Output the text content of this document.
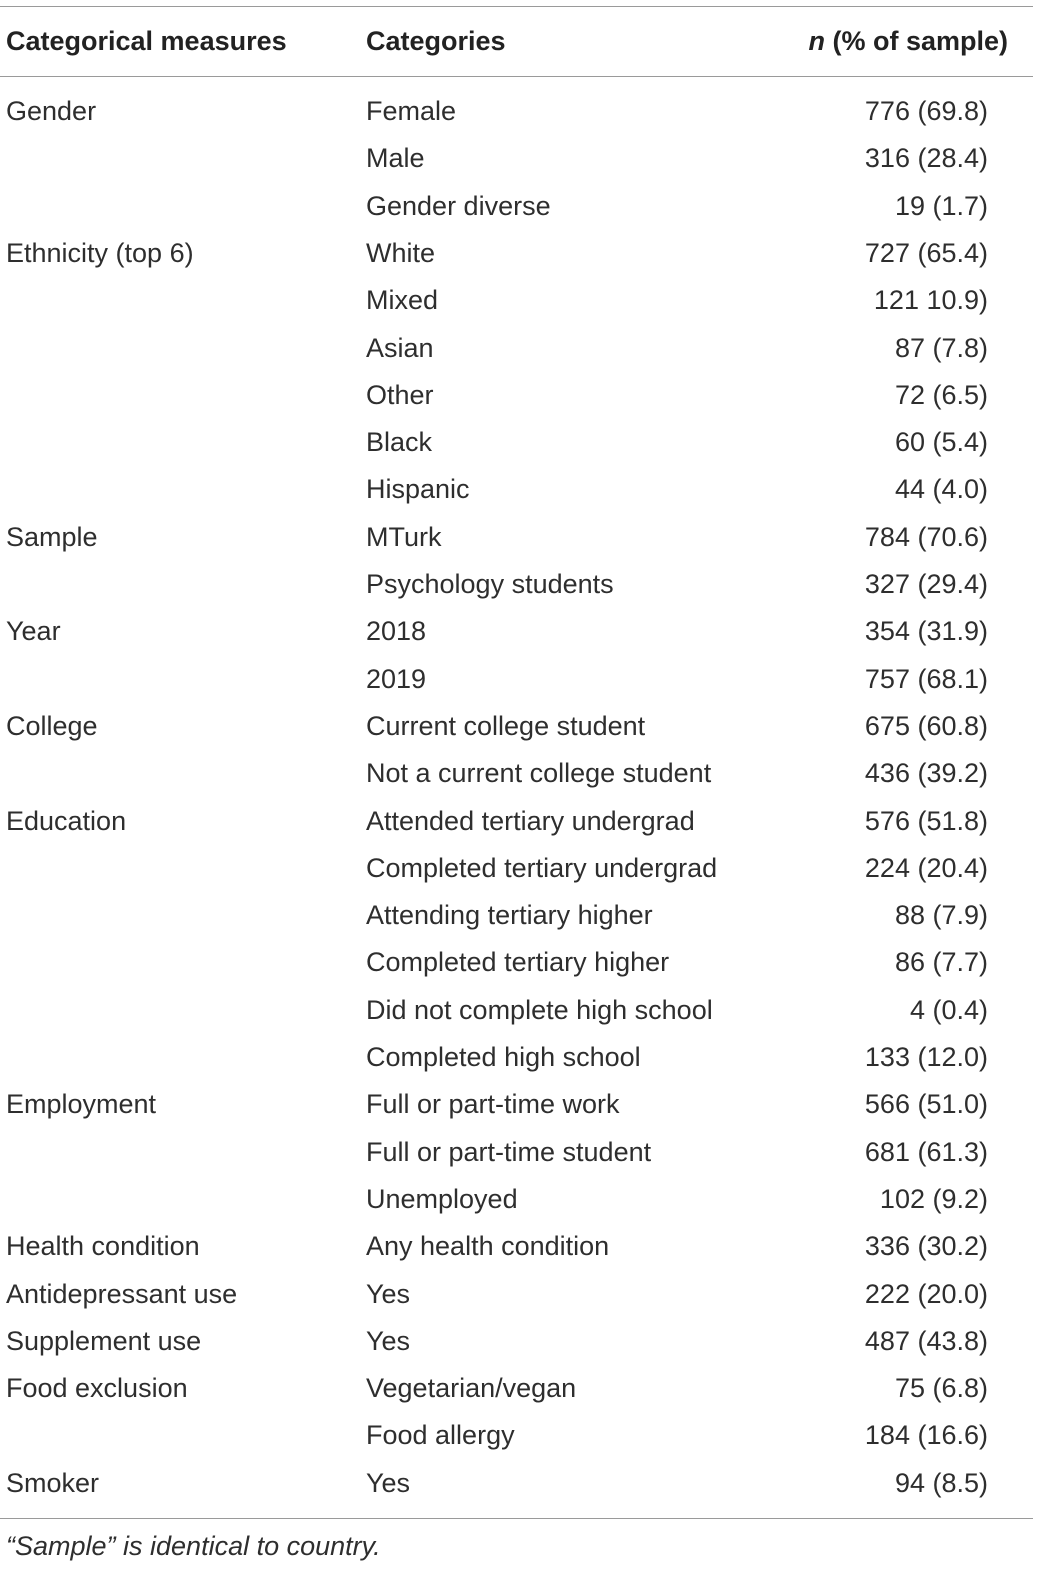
Categorical measures	Categories	n (% of sample)
Gender	Female	776 (69.8)
Male	316 (28.4)
Gender diverse	19 (1.7)
Ethnicity (top 6)	White	727 (65.4)
Mixed	121 10.9)
Asian	87 (7.8)
Other	72 (6.5)
Black	60 (5.4)
Hispanic	44 (4.0)
Sample	MTurk	784 (70.6)
Psychology students	327 (29.4)
Year	2018	354 (31.9)
2019	757 (68.1)
College	Current college student	675 (60.8)
Not a current college student	436 (39.2)
Education	Attended tertiary undergrad	576 (51.8)
Completed tertiary undergrad	224 (20.4)
Attending tertiary higher	88 (7.9)
Completed tertiary higher	86 (7.7)
Did not complete high school	4 (0.4)
Completed high school	133 (12.0)
Employment	Full or part-time work	566 (51.0)
Full or part-time student	681 (61.3)
Unemployed	102 (9.2)
Health condition	Any health condition	336 (30.2)
Antidepressant use	Yes	222 (20.0)
Supplement use	Yes	487 (43.8)
Food exclusion	Vegetarian/vegan	75 (6.8)
Food allergy	184 (16.6)
Smoker	Yes	94 (8.5)
“Sample” is identical to country.
